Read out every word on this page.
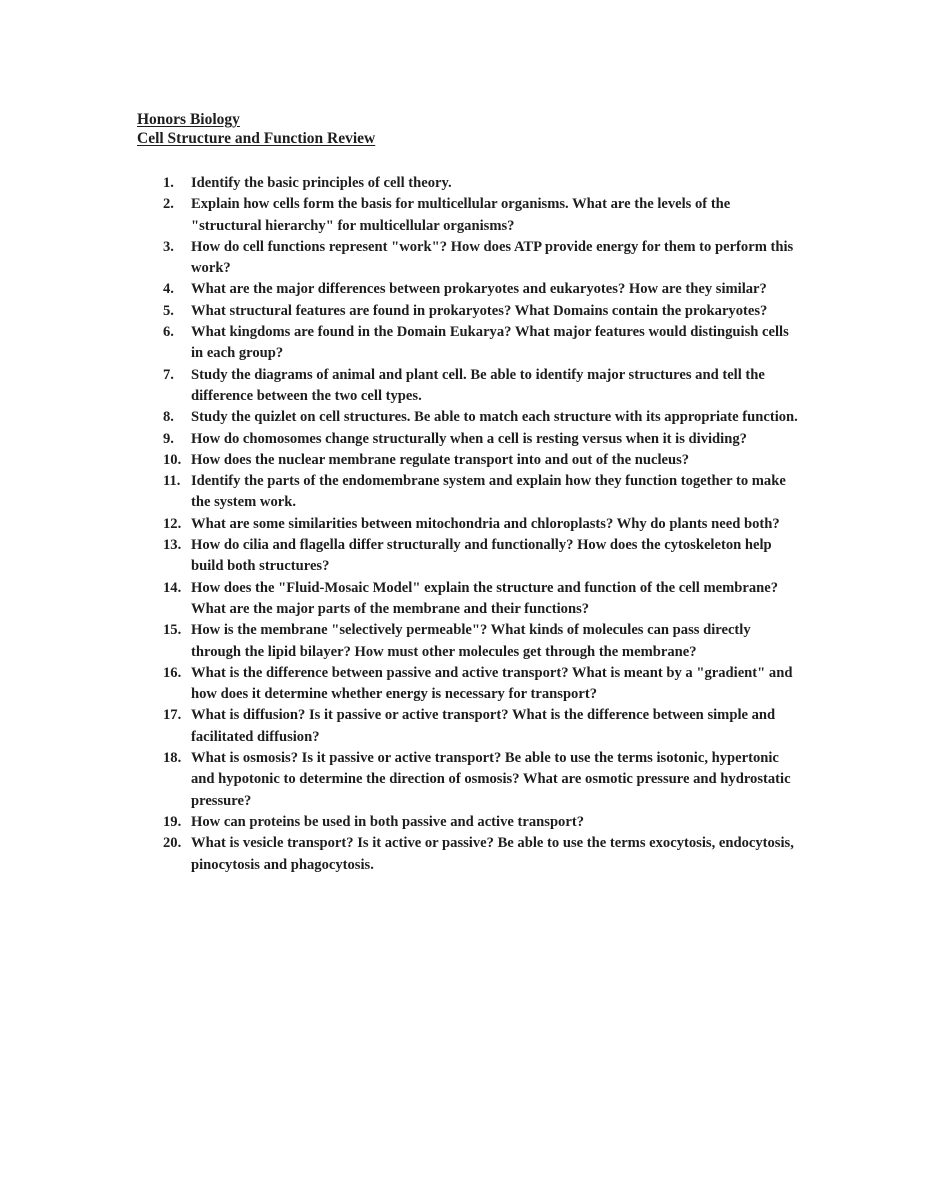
Honors Biology
Cell Structure and Function Review
1.	Identify the basic principles of cell theory.
2.	Explain how cells form the basis for multicellular organisms. What are the levels of the "structural hierarchy" for multicellular organisms?
3.	How do cell functions represent "work"? How does ATP provide energy for them to perform this work?
4.	What are the major differences between prokaryotes and eukaryotes? How are they similar?
5.	What structural features are found in prokaryotes? What Domains contain the prokaryotes?
6.	What kingdoms are found in the Domain Eukarya? What major features would distinguish cells in each group?
7.	Study the diagrams of animal and plant cell. Be able to identify major structures and tell the difference between the two cell types.
8.	Study the quizlet on cell structures. Be able to match each structure with its appropriate function.
9.	How do chomosomes change structurally when a cell is resting versus when it is dividing?
10. How does the nuclear membrane regulate transport into and out of the nucleus?
11. Identify the parts of the endomembrane system and explain how they function together to make the system work.
12. What are some similarities between mitochondria and chloroplasts? Why do plants need both?
13. How do cilia and flagella differ structurally and functionally? How does the cytoskeleton help build both structures?
14. How does the "Fluid-Mosaic Model" explain the structure and function of the cell membrane? What are the major parts of the membrane and their functions?
15. How is the membrane "selectively permeable"? What kinds of molecules can pass directly through the lipid bilayer? How must other molecules get through the membrane?
16. What is the difference between passive and active transport? What is meant by a "gradient" and how does it determine whether energy is necessary for transport?
17. What is diffusion? Is it passive or active transport? What is the difference between simple and facilitated diffusion?
18. What is osmosis? Is it passive or active transport? Be able to use the terms isotonic, hypertonic and hypotonic to determine the direction of osmosis? What are osmotic pressure and hydrostatic pressure?
19. How can proteins be used in both passive and active transport?
20. What is vesicle transport? Is it active or passive? Be able to use the terms exocytosis, endocytosis, pinocytosis and phagocytosis.
